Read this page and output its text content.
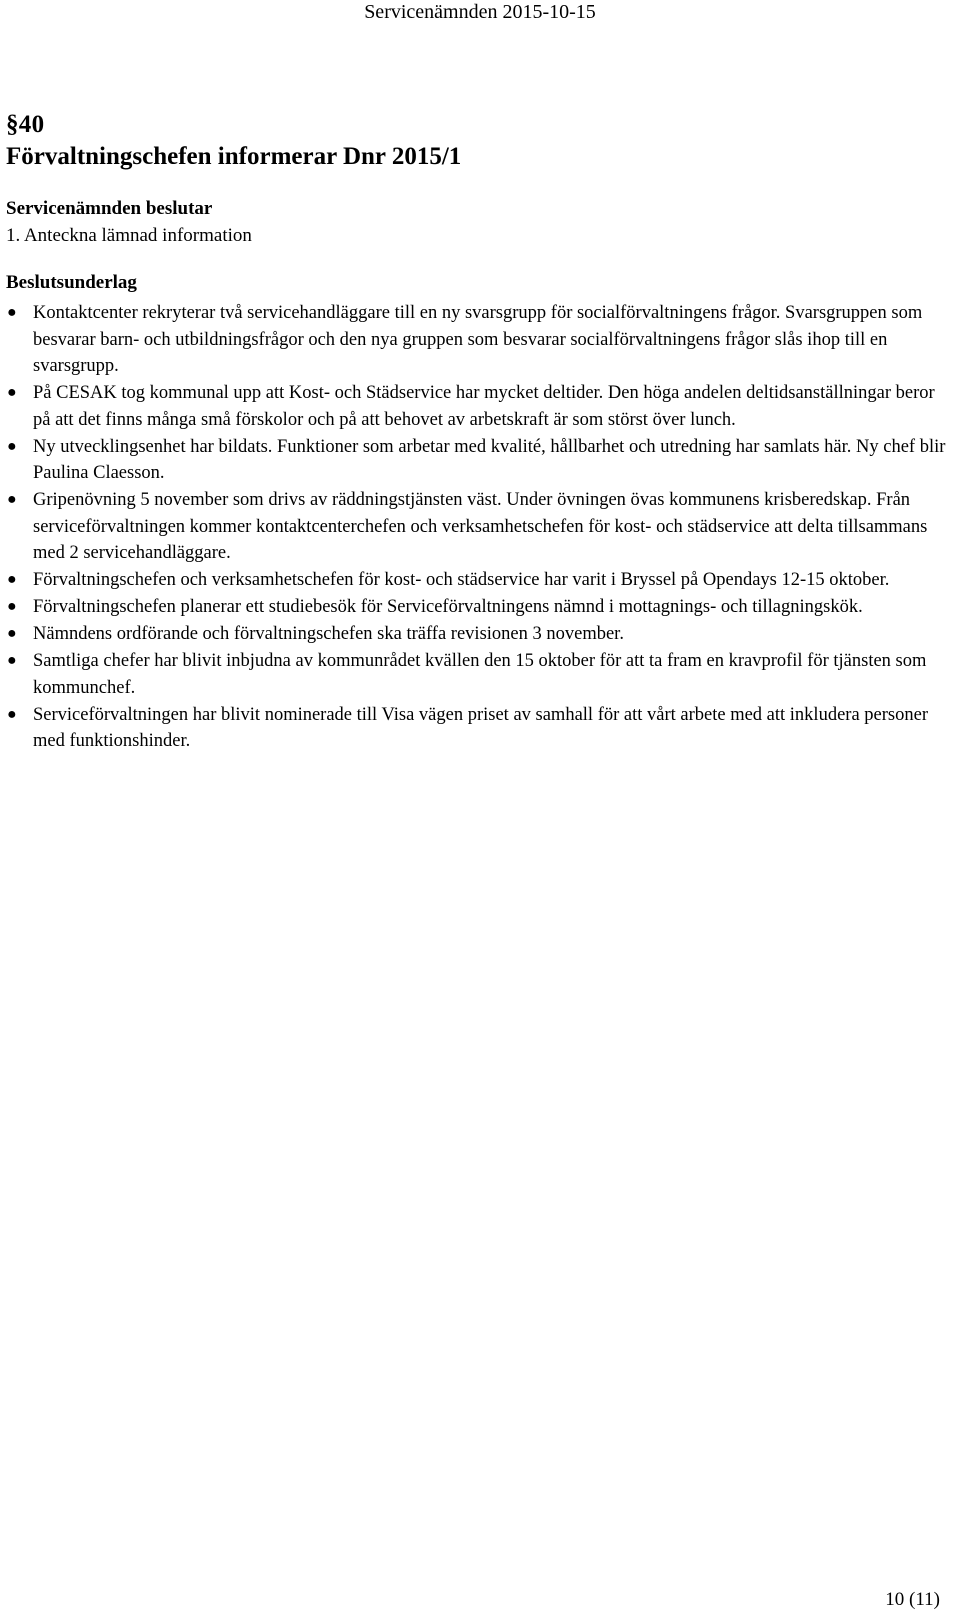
Servicenämnden 2015-10-15

§40

Förvaltningschefen informerar Dnr 2015/1

Servicenämnden beslutar

1. Anteckna lämnad information

Beslutsunderlag

● Kontaktcenter rekryterar två servicehandläggare till en ny svarsgrupp för socialförvaltningens frågor. Svarsgruppen som besvarar barn- och utbildningsfrågor och den nya gruppen som besvarar socialförvaltningens frågor slås ihop till en svarsgrupp.
● På CESAK tog kommunal upp att Kost- och Städservice har mycket deltider. Den höga andelen deltidsanställningar beror på att det finns många små förskolor och på att behovet av arbetskraft är som störst över lunch.
● Ny utvecklingsenhet har bildats. Funktioner som arbetar med kvalité, hållbarhet och utredning har samlats här. Ny chef blir Paulina Claesson.
● Gripenövning 5 november som drivs av räddningstjänsten väst. Under övningen övas kommunens krisberedskap. Från serviceförvaltningen kommer kontaktcenterchefen och verksamhetschefen för kost- och städservice att delta tillsammans med 2 servicehandläggare.
● Förvaltningschefen och verksamhetschefen för kost- och städservice har varit i Bryssel på Opendays 12-15 oktober.
● Förvaltningschefen planerar ett studiebesök för Serviceförvaltningens nämnd i mottagnings- och tillagningskök.
● Nämndens ordförande och förvaltningschefen ska träffa revisionen 3 november.
● Samtliga chefer har blivit inbjudna av kommunrådet kvällen den 15 oktober för att ta fram en kravprofil för tjänsten som kommunchef.
● Serviceförvaltningen har blivit nominerade till Visa vägen priset av samhall för att vårt arbete med att inkludera personer med funktionshinder.
10 (11)
